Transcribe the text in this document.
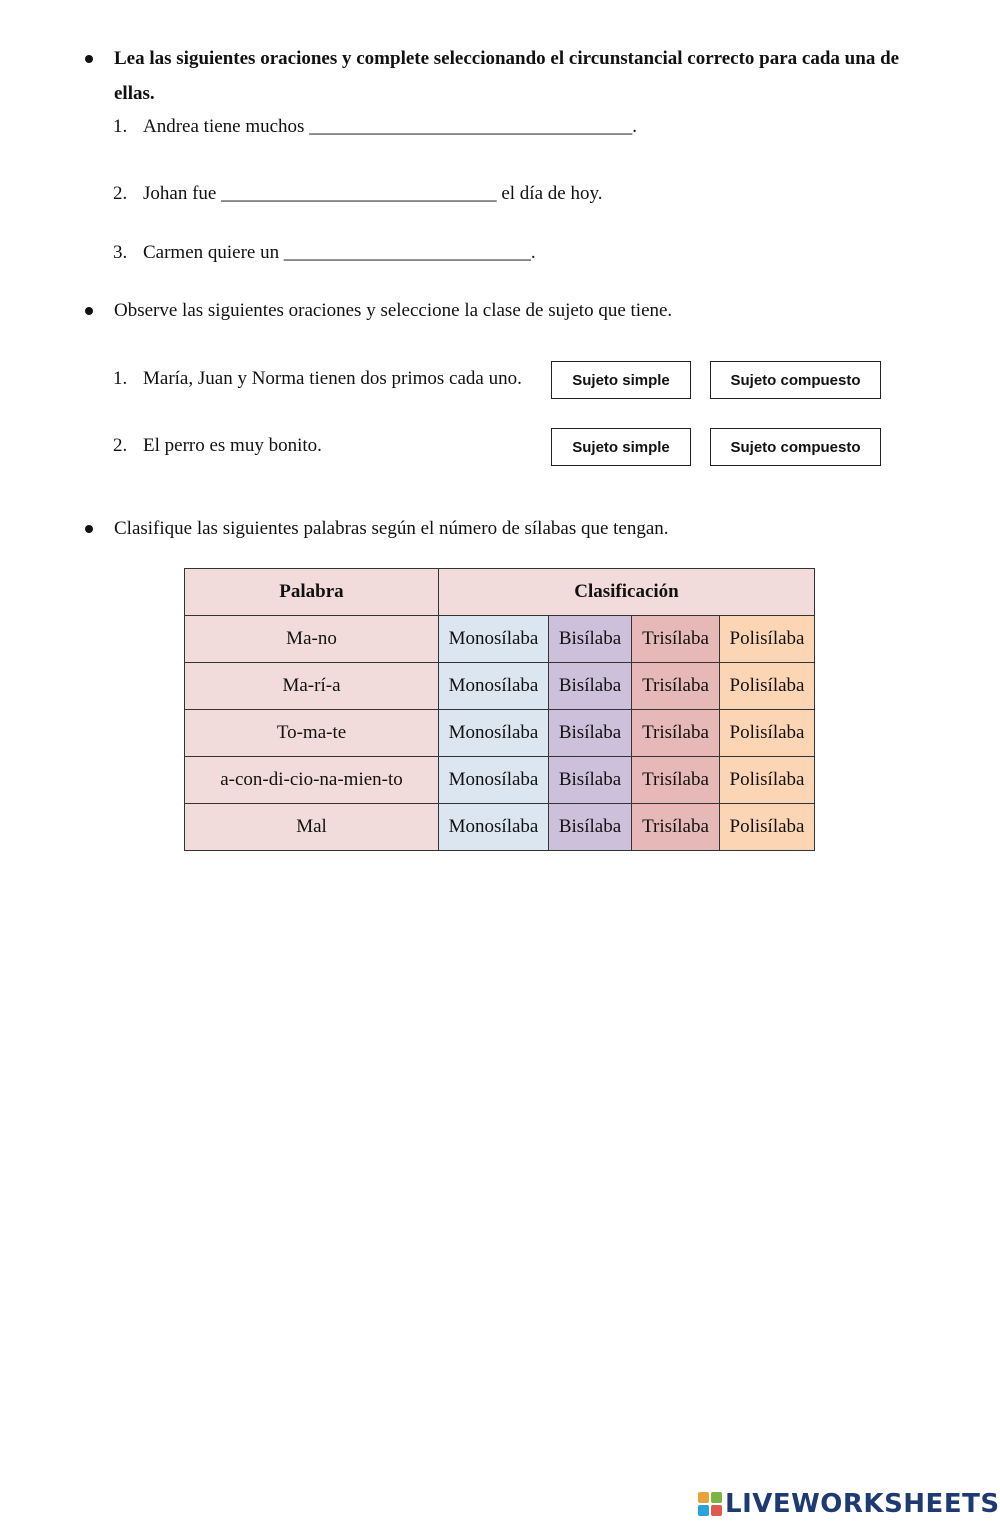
Lea las siguientes oraciones y complete seleccionando el circunstancial correcto para cada una de
ellas.
1. Andrea tiene muchos __________________________________.
2. Johan fue _____________________________ el día de hoy.
3. Carmen quiere un __________________________.
Observe las siguientes oraciones y seleccione la clase de sujeto que tiene.
1. María, Juan y Norma tienen dos primos cada uno.	Sujeto simple	Sujeto compuesto
2. El perro es muy bonito.	Sujeto simple	Sujeto compuesto
Clasifique las siguientes palabras según el número de sílabas que tengan.
Palabra	Clasificación			
Ma-no	Monosílaba	Bisílaba	Trisílaba	Polisílaba
Ma-rí-a	Monosílaba	Bisílaba	Trisílaba	Polisílaba
To-ma-te	Monosílaba	Bisílaba	Trisílaba	Polisílaba
a-con-di-cio-na-mien-to	Monosílaba	Bisílaba	Trisílaba	Polisílaba
Mal	Monosílaba	Bisílaba	Trisílaba	Polisílaba
LIVEWORKSHEETS
